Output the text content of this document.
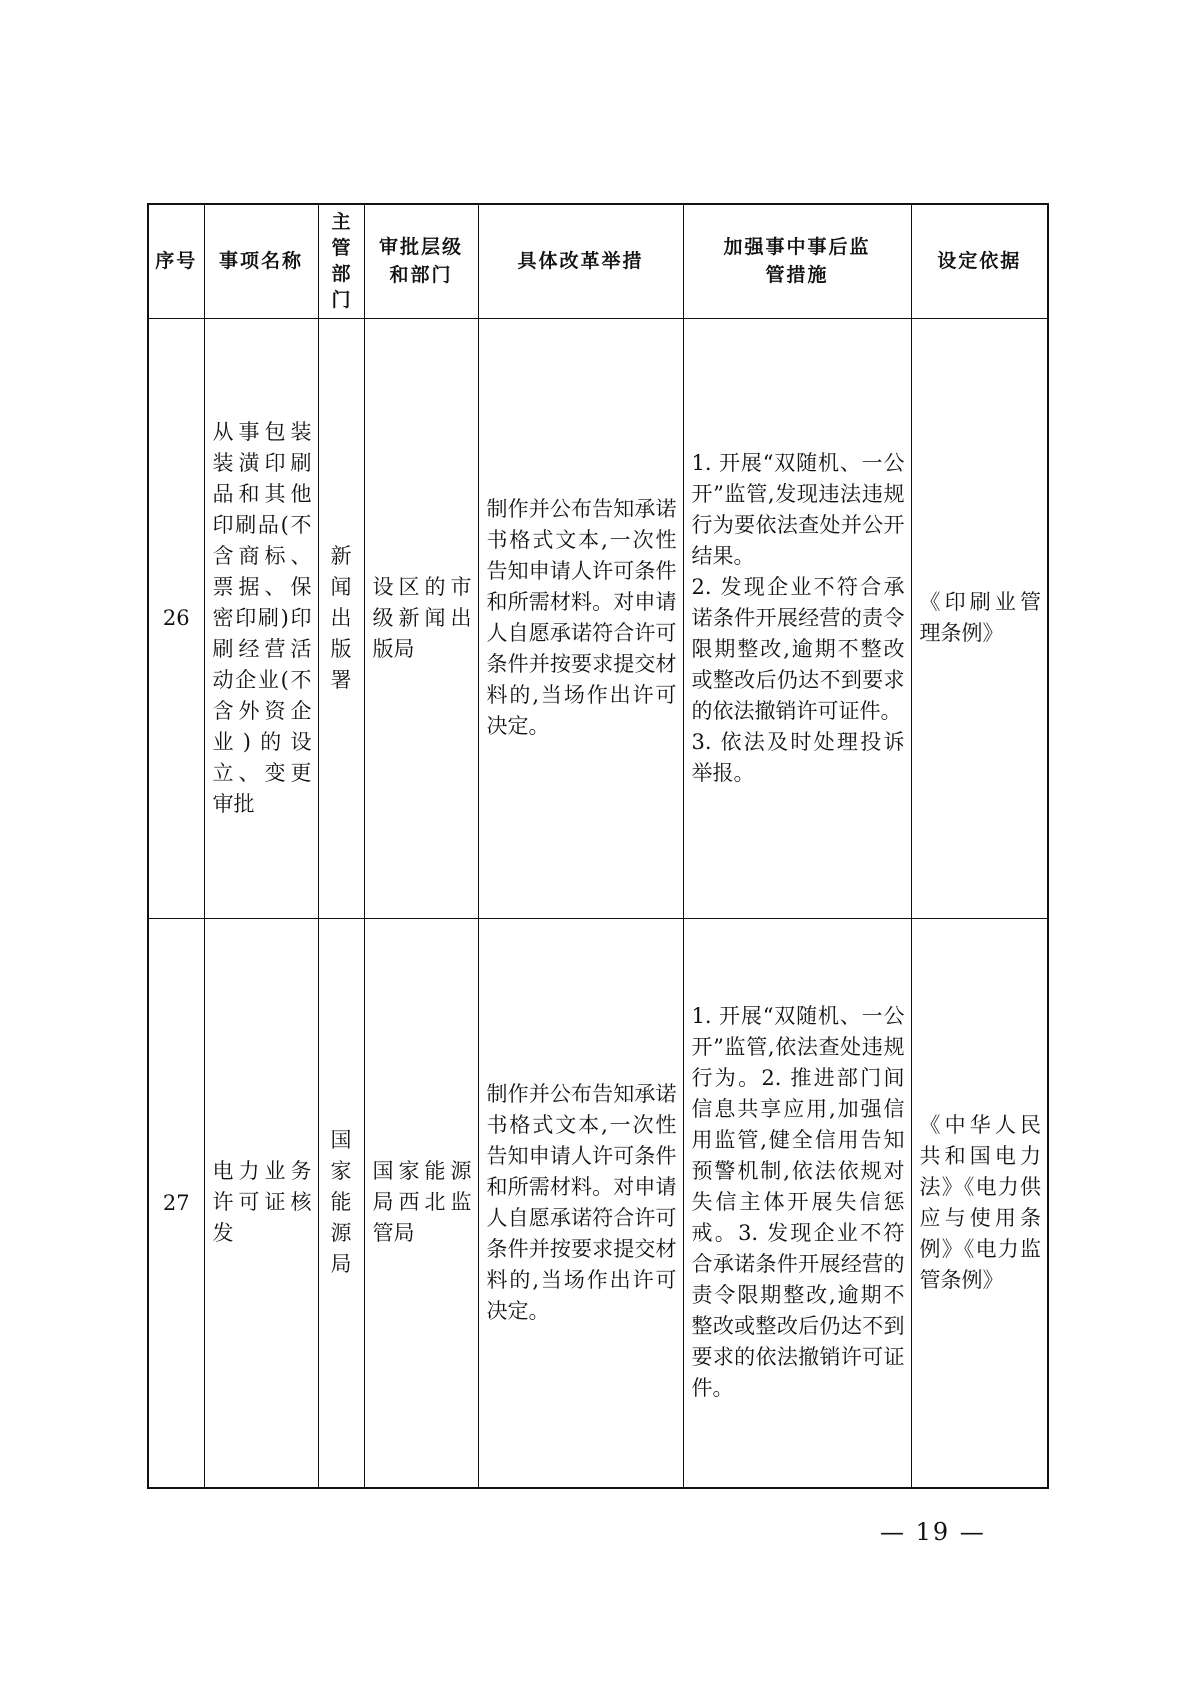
序号	事项名称	主管部门	审批层级和部门	具体改革举措	加强事中事后监管措施	设定依据
26	从事包装装潢印刷品和其他印刷品(不含商标、票据、保密印刷)印刷经营活动企业(不含外资企业)的设立、变更审批	新闻出版署	设区的市级新闻出版局	制作并公布告知承诺书格式文本,一次性告知申请人许可条件和所需材料。对申请人自愿承诺符合许可条件并按要求提交材料的,当场作出许可决定。	1. 开展“双随机、一公开”监管,发现违法违规行为要依法查处并公开结果。
2. 发现企业不符合承诺条件开展经营的责令限期整改,逾期不整改或整改后仍达不到要求的依法撤销许可证件。
3. 依法及时处理投诉举报。	《印刷业管理条例》

27	电力业务许可证核发	国家能源局	国家能源局西北监管局	制作并公布告知承诺书格式文本,一次性告知申请人许可条件和所需材料。对申请人自愿承诺符合许可条件并按要求提交材料的,当场作出许可决定。	1. 开展“双随机、一公开”监管,依法查处违规行为。2. 推进部门间信息共享应用,加强信用监管,健全信用告知预警机制,依法依规对失信主体开展失信惩戒。3. 发现企业不符合承诺条件开展经营的责令限期整改,逾期不整改或整改后仍达不到要求的依法撤销许可证件。	《中华人民共和国电力法》《电力供应与使用条例》《电力监管条例》
— 19 —
